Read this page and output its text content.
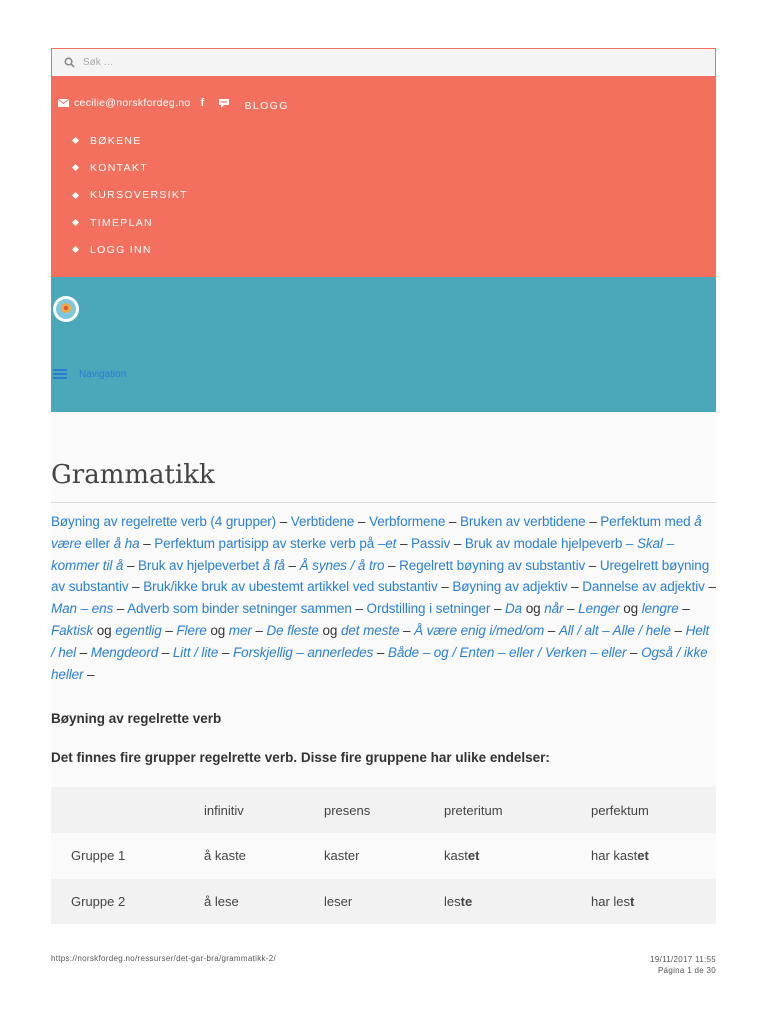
Søk …
cecilie@norskfordeg.no f	BLOGG
BØKENE
KONTAKT
KURSOVERSIKT
TIMEPLAN
LOGG INN
Navigation
Grammatikk
Bøyning av regelrette verb (4 grupper) – Verbtidene – Verbformene – Bruken av verbtidene – Perfektum med å være eller å ha – Perfektum partisipp av sterke verb på –et – Passiv – Bruk av modale hjelpeverb – Skal – kommer til å – Bruk av hjelpeverbet å få – Å synes / å tro – Regelrett bøyning av substantiv – Uregelrett bøyning av substantiv – Bruk/ikke bruk av ubestemt artikkel ved substantiv – Bøyning av adjektiv – Dannelse av adjektiv – Man – ens – Adverb som binder setninger sammen – Ordstilling i setninger – Da og når – Lenger og lengre – Faktisk og egentlig – Flere og mer – De fleste og det meste – Å være enig i/med/om – All / alt – Alle / hele – Helt / hel – Mengdeord – Litt / lite – Forskjellig – annerledes – Både – og / Enten – eller / Verken – eller – Også / ikke heller –
Bøyning av regelrette verb
Det finnes fire grupper regelrette verb. Disse fire gruppene har ulike endelser:
	infinitiv	presens	preteritum	perfektum
Gruppe 1	å kaste	kaster	kastet	har kastet
Gruppe 2	å lese	leser	leste	har lest
https://norskfordeg.no/ressurser/det-gar-bra/grammatikk-2/	19/11/2017 11:55
Página 1 de 30
